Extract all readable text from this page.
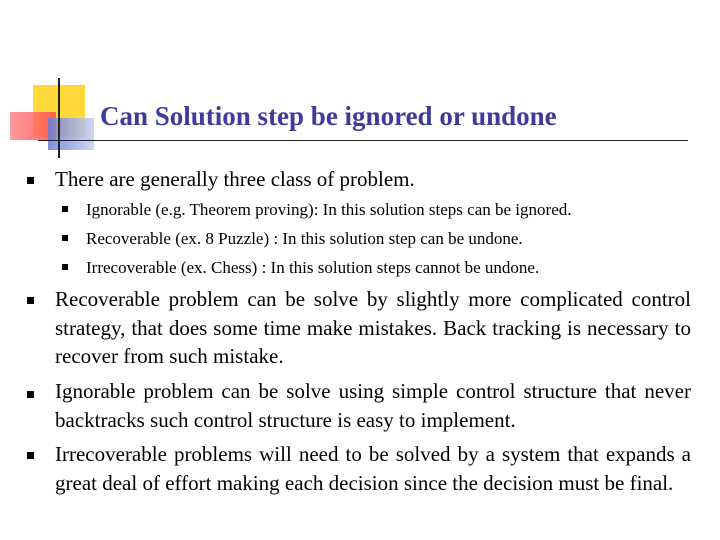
Can Solution step be ignored or undone
There are generally three class of problem.
Ignorable (e.g. Theorem proving): In this solution steps can be ignored.
Recoverable (ex. 8 Puzzle) : In this solution step can be undone.
Irrecoverable (ex. Chess) : In this solution steps cannot be undone.
Recoverable problem can be solve by slightly more complicated control strategy, that does some time make mistakes. Back tracking is necessary to recover from such mistake.
Ignorable problem can be solve using simple control structure that never backtracks such control structure is easy to implement.
Irrecoverable problems will need to be solved by a system that expands a great deal of effort making each decision since the decision must be final.
